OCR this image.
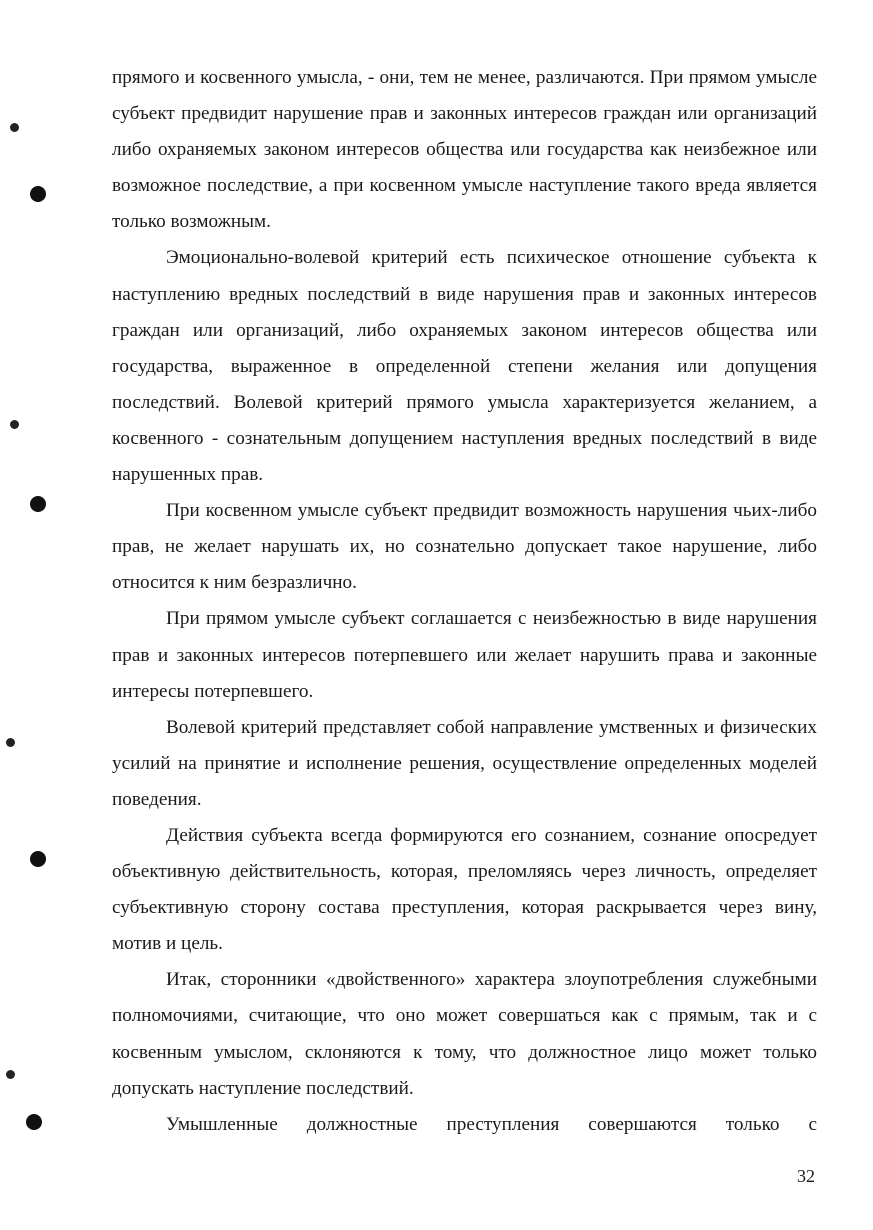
прямого и косвенного умысла, - они, тем не менее, различаются. При прямом умысле субъект предвидит нарушение прав и законных интересов граждан или организаций либо охраняемых законом интересов общества или государства как неизбежное или возможное последствие, а при косвенном умысле наступление такого вреда является только возможным.

Эмоционально-волевой критерий есть психическое отношение субъекта к наступлению вредных последствий в виде нарушения прав и законных интересов граждан или организаций, либо охраняемых законом интересов общества или государства, выраженное в определенной степени желания или допущения последствий. Волевой критерий прямого умысла характеризуется желанием, а косвенного - сознательным допущением наступления вредных последствий в виде нарушенных прав.

При косвенном умысле субъект предвидит возможность нарушения чьих-либо прав, не желает нарушать их, но сознательно допускает такое нарушение, либо относится к ним безразлично.

При прямом умысле субъект соглашается с неизбежностью в виде нарушения прав и законных интересов потерпевшего или желает нарушить права и законные интересы потерпевшего.

Волевой критерий представляет собой направление умственных и физических усилий на принятие и исполнение решения, осуществление определенных моделей поведения.

Действия субъекта всегда формируются его сознанием, сознание опосредует объективную действительность, которая, преломляясь через личность, определяет субъективную сторону состава преступления, которая раскрывается через вину, мотив и цель.

Итак, сторонники «двойственного» характера злоупотребления служебными полномочиями, считающие, что оно может совершаться как с прямым, так и с косвенным умыслом, склоняются к тому, что должностное лицо может только допускать наступление последствий.

Умышленные должностные преступления совершаются только с

32
